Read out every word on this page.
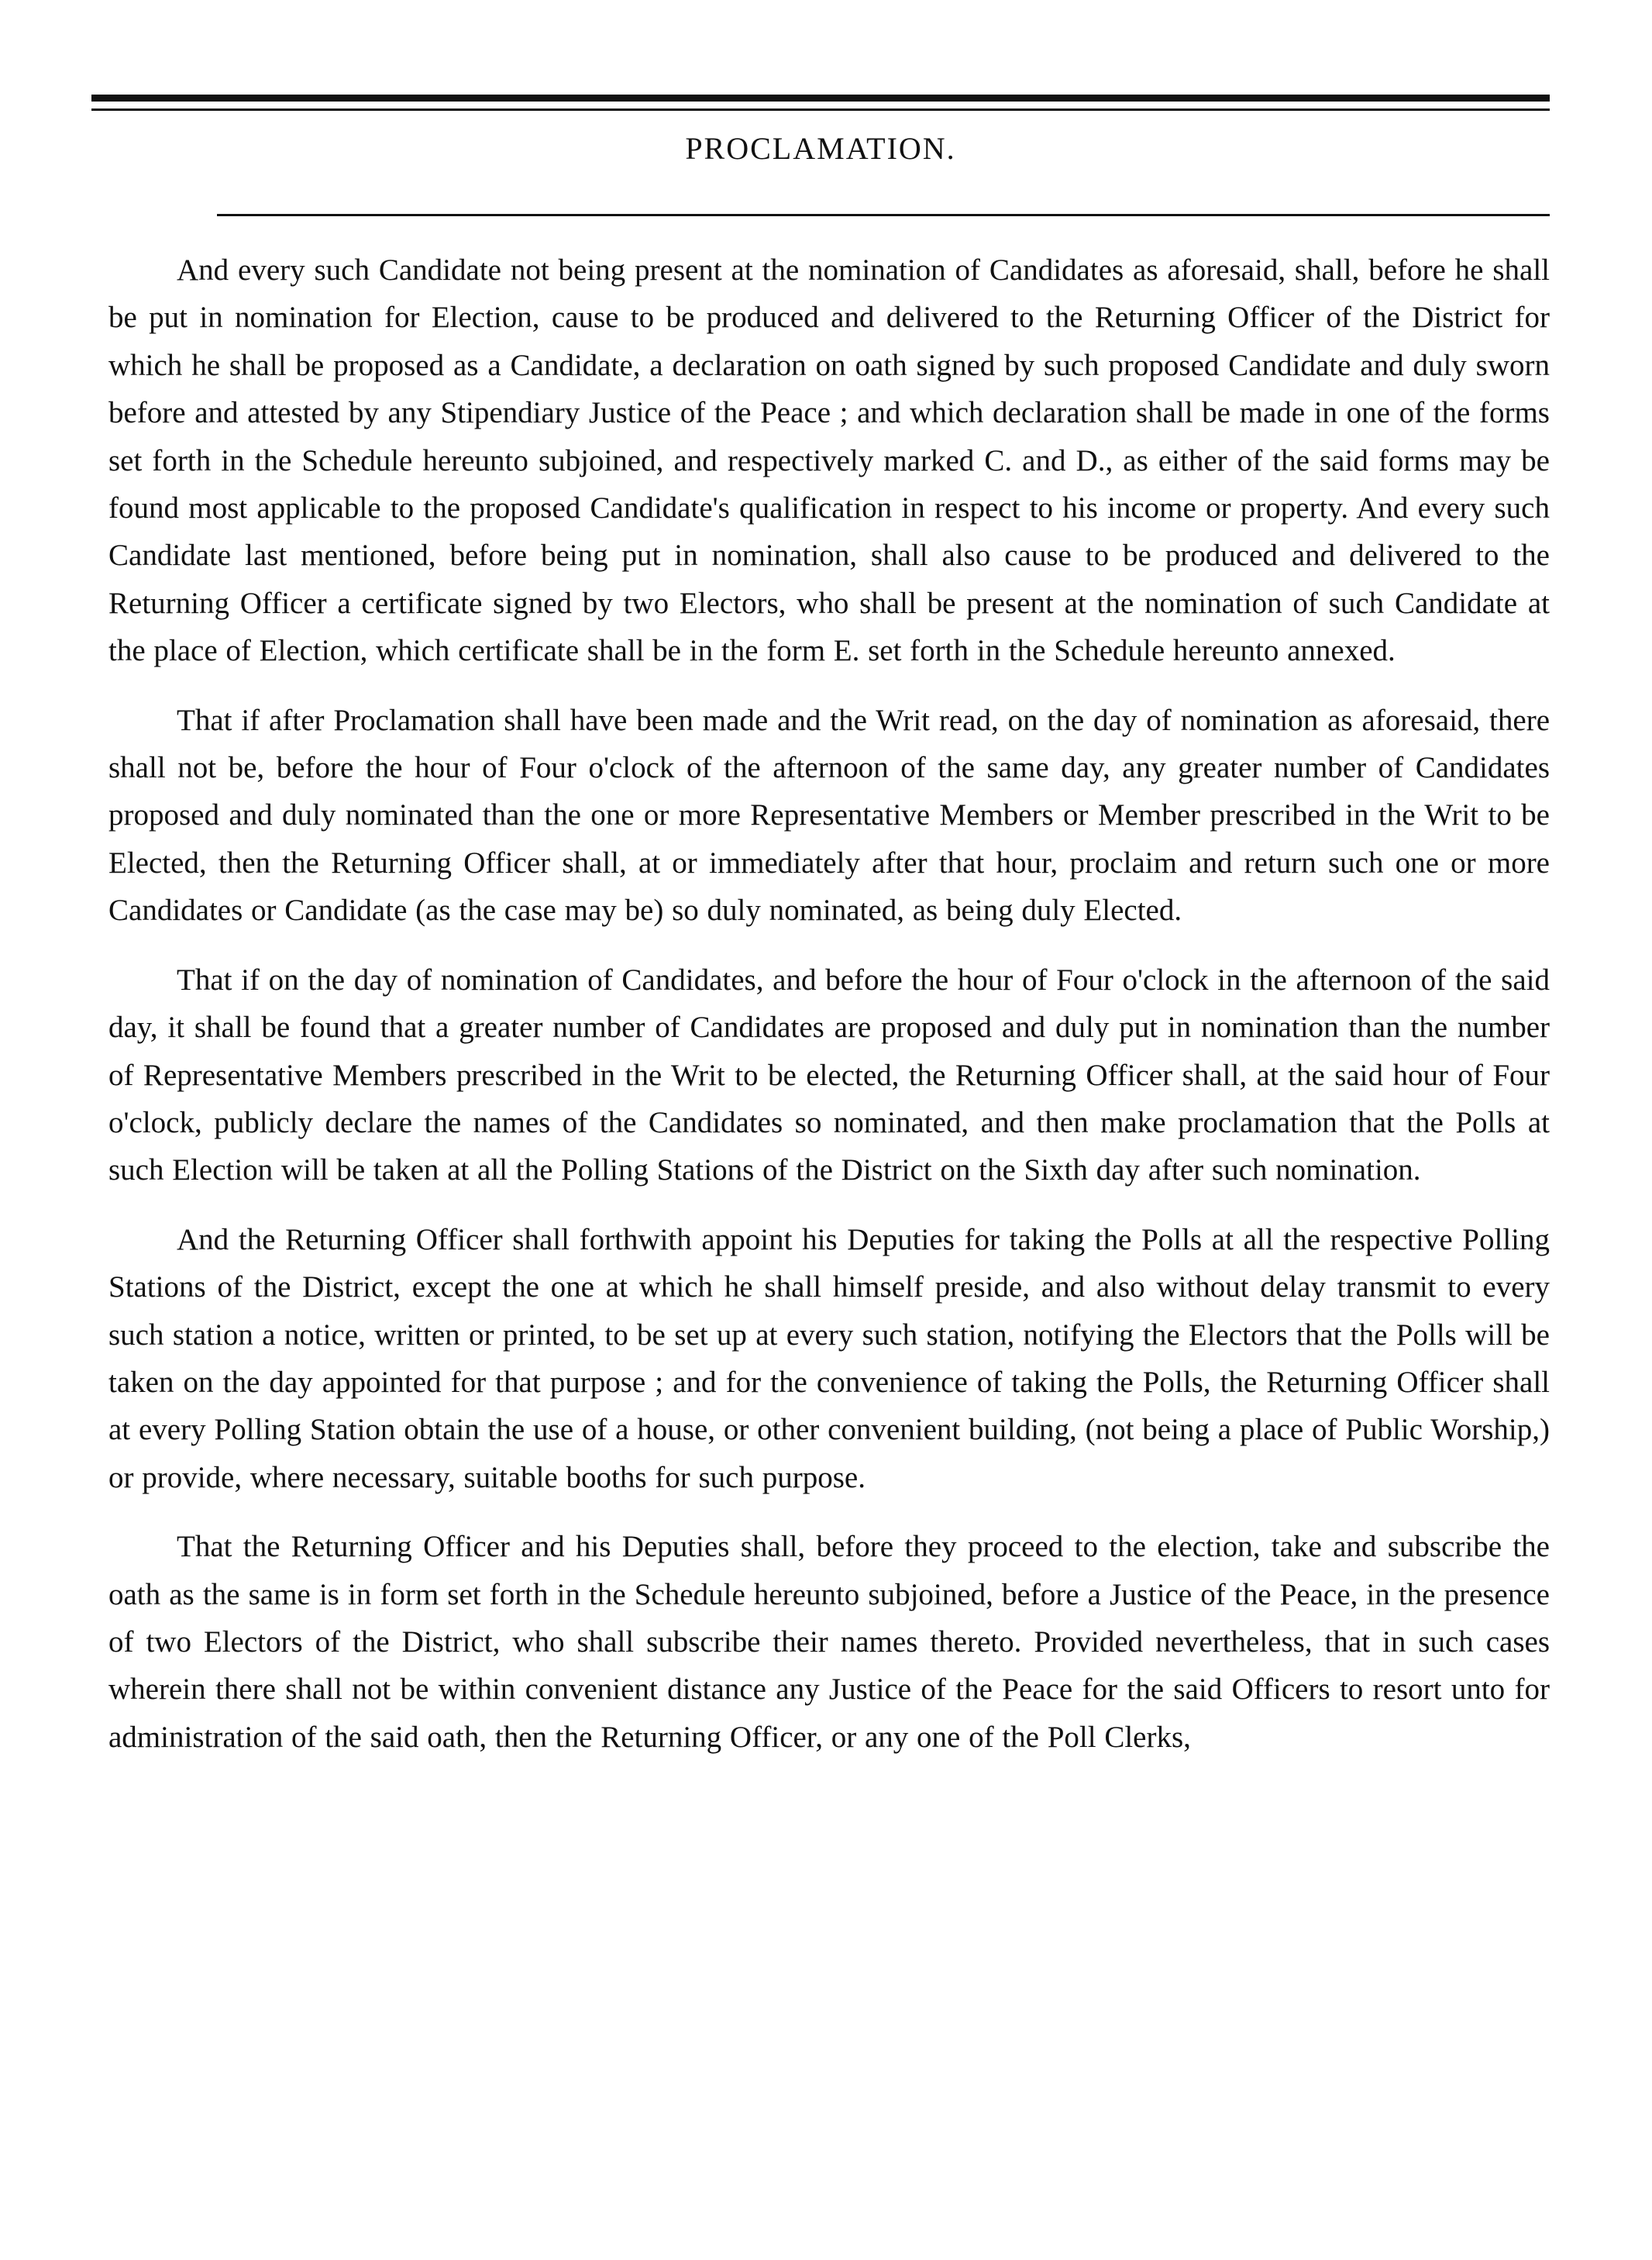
PROCLAMATION.

And every such Candidate not being present at the nomination of Candidates as aforesaid, shall, before he shall be put in nomination for Election, cause to be produced and delivered to the Returning Officer of the District for which he shall be proposed as a Candidate, a declaration on oath signed by such proposed Candidate and duly sworn before and attested by any Stipendiary Justice of the Peace ; and which declaration shall be made in one of the forms set forth in the Schedule hereunto subjoined, and respectively marked C. and D., as either of the said forms may be found most applicable to the proposed Candidate's qualification in respect to his income or property. And every such Candidate last mentioned, before being put in nomination, shall also cause to be produced and delivered to the Returning Officer a certificate signed by two Electors, who shall be present at the nomination of such Candidate at the place of Election, which certificate shall be in the form E. set forth in the Schedule hereunto annexed.

That if after Proclamation shall have been made and the Writ read, on the day of nomination as aforesaid, there shall not be, before the hour of Four o'clock of the afternoon of the same day, any greater number of Candidates proposed and duly nominated than the one or more Representative Members or Member prescribed in the Writ to be Elected, then the Returning Officer shall, at or immediately after that hour, proclaim and return such one or more Candidates or Candidate (as the case may be) so duly nominated, as being duly Elected.

That if on the day of nomination of Candidates, and before the hour of Four o'clock in the afternoon of the said day, it shall be found that a greater number of Candidates are proposed and duly put in nomination than the number of Representative Members prescribed in the Writ to be elected, the Returning Officer shall, at the said hour of Four o'clock, publicly declare the names of the Candidates so nominated, and then make proclamation that the Polls at such Election will be taken at all the Polling Stations of the District on the Sixth day after such nomination.

And the Returning Officer shall forthwith appoint his Deputies for taking the Polls at all the respective Polling Stations of the District, except the one at which he shall himself preside, and also without delay transmit to every such station a notice, written or printed, to be set up at every such station, notifying the Electors that the Polls will be taken on the day appointed for that purpose ; and for the convenience of taking the Polls, the Returning Officer shall at every Polling Station obtain the use of a house, or other convenient building, (not being a place of Public Worship,) or provide, where necessary, suitable booths for such purpose.

That the Returning Officer and his Deputies shall, before they proceed to the election, take and subscribe the oath as the same is in form set forth in the Schedule hereunto subjoined, before a Justice of the Peace, in the presence of two Electors of the District, who shall subscribe their names thereto. Provided nevertheless, that in such cases wherein there shall not be within convenient distance any Justice of the Peace for the said Officers to resort unto for administration of the said oath, then the Returning Officer, or any one of the Poll Clerks,
